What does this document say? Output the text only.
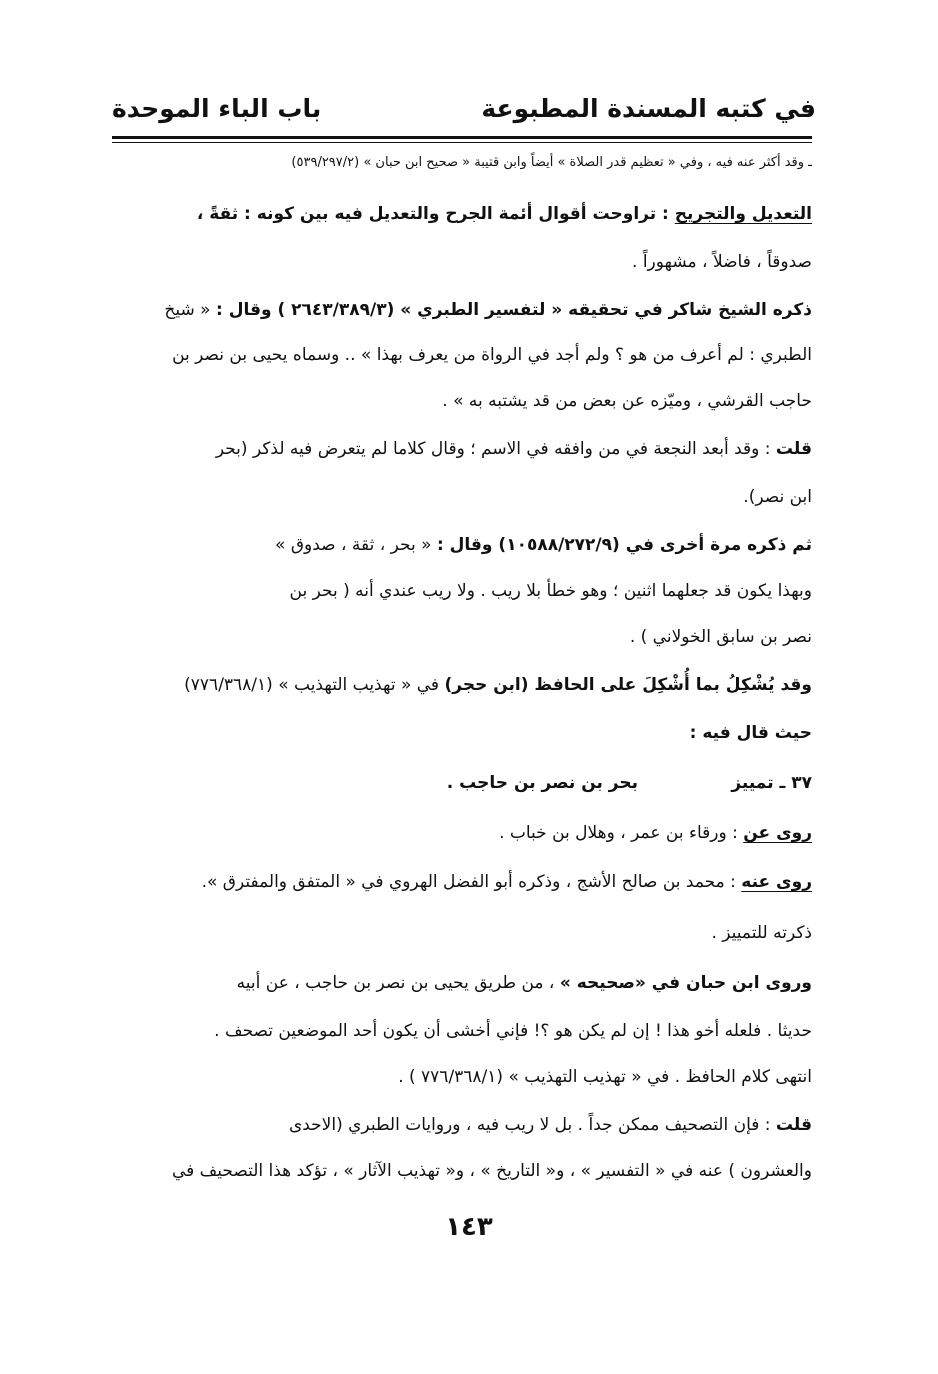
في كتبه المسندة المطبوعة
باب الباء الموحدة
ـ وقد أكثر عنه فيه ، وفي « تعظيم قدر الصلاة » أيضاً وابن قتيبة « صحيح ابن حبان » (٥٣٩/٢٩٧/٢)
التعديل والتجريح : تراوحت أقوال أئمة الجرح والتعديل فيه بين كونه : ثقةً ،
صدوقاً ، فاضلاً ، مشهوراً .
ذكره الشيخ شاكر في تحقيقه « لتفسير الطبري » (٢٦٤٣/٣٨٩/٣ ) وقال : « شيخ
الطبري : لم أعرف من هو ؟ ولم أجد في الرواة من يعرف بهذا » .. وسماه يحيى بن نصر بن
حاجب القرشي ، وميّزه عن بعض من قد يشتبه به » .
قلت : وقد أبعد النجعة في من وافقه في الاسم ؛ وقال كلاما لم يتعرض فيه لذكر (بحر
ابن نصر).
ثم ذكره مرة أخرى في (١٠٥٨٨/٢٧٢/٩) وقال : « بحر ، ثقة ، صدوق »
وبهذا يكون قد جعلهما اثنين ؛ وهو خطأ بلا ريب . ولا ريب عندي أنه ( بحر بن
نصر بن سابق الخولاني ) .
وقد يُشْكِلُ بما أُشْكِلَ على الحافظ (ابن حجر) في « تهذيب التهذيب » (٧٧٦/٣٦٨/١)
حيث قال فيه :
٣٧ ـ تمييزبحر بن نصر بن حاجب .
روى عن : ورقاء بن عمر ، وهلال بن خباب .
روى عنه : محمد بن صالح الأشج ، وذكره أبو الفضل الهروي في « المتفق والمفترق ».
ذكرته للتمييز .
وروى ابن حبان في «صحيحه » ، من طريق يحيى بن نصر بن حاجب ، عن أبيه
حديثا . فلعله أخو هذا ! إن لم يكن هو ؟! فإني أخشى أن يكون أحد الموضعين تصحف .
انتهى كلام الحافظ . في « تهذيب التهذيب » (٧٧٦/٣٦٨/١ ) .
قلت : فإن التصحيف ممكن جداً . بل لا ريب فيه ، وروايات الطبري (الاحدى
والعشرون ) عنه في « التفسير » ، و« التاريخ » ، و« تهذيب الآثار » ، تؤكد هذا التصحيف في
١٤٣
